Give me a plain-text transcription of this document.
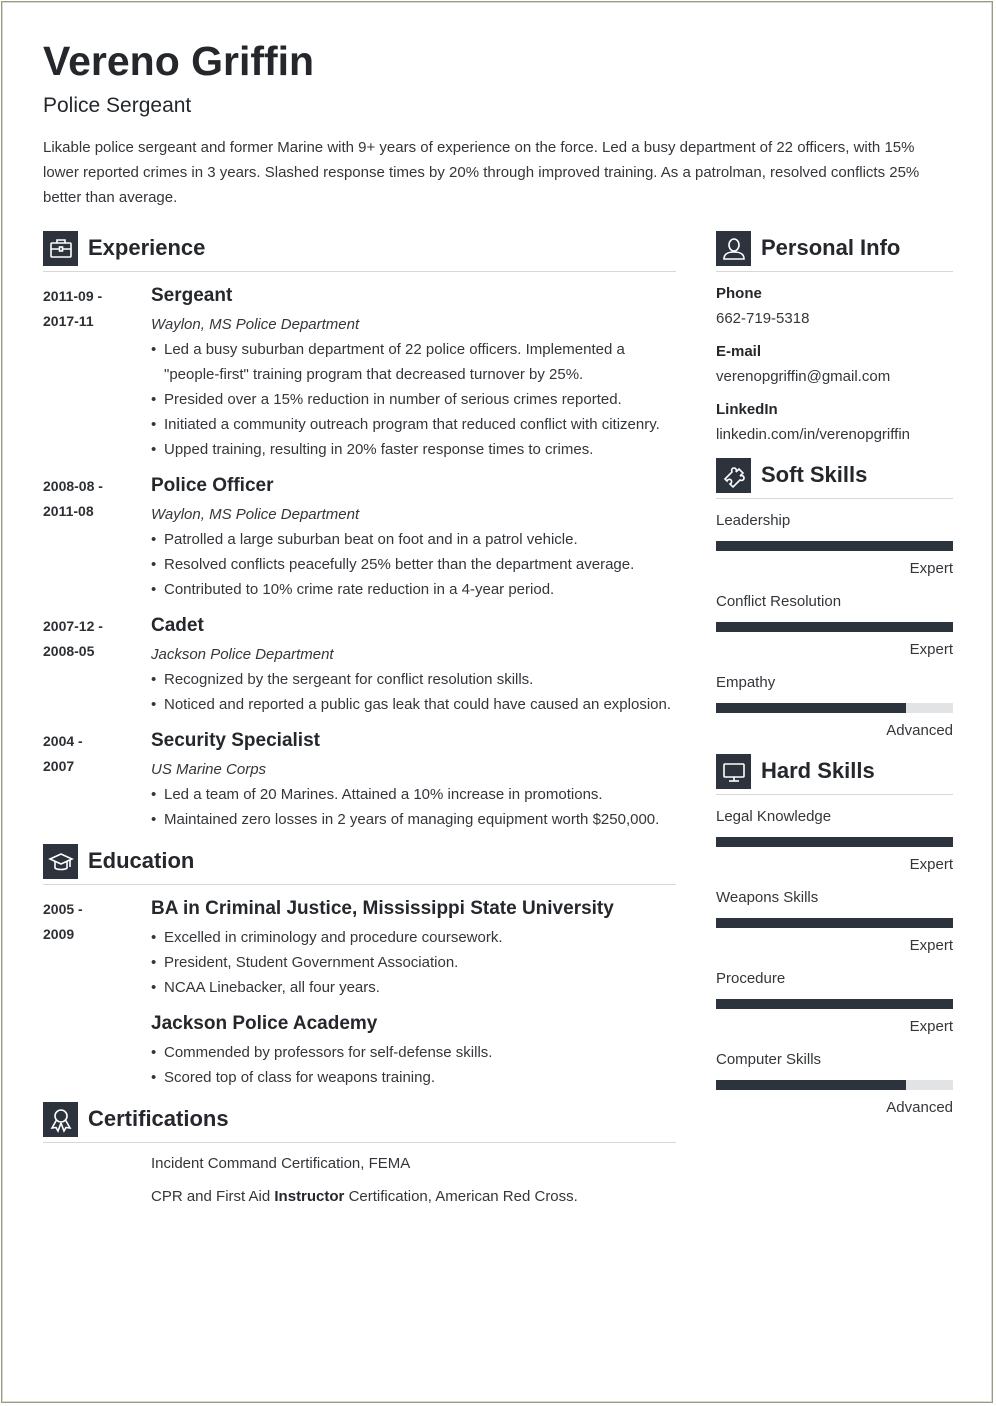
Vereno Griffin
Police Sergeant
Likable police sergeant and former Marine with 9+ years of experience on the force. Led a busy department of 22 officers, with 15% lower reported crimes in 3 years. Slashed response times by 20% through improved training. As a patrolman, resolved conflicts 25% better than average.
Experience
2011-09 -
2017-11
Sergeant
Waylon, MS Police Department
• Led a busy suburban department of 22 police officers. Implemented a "people-first" training program that decreased turnover by 25%.
• Presided over a 15% reduction in number of serious crimes reported.
• Initiated a community outreach program that reduced conflict with citizenry.
• Upped training, resulting in 20% faster response times to crimes.
2008-08 -
2011-08
Police Officer
Waylon, MS Police Department
• Patrolled a large suburban beat on foot and in a patrol vehicle.
• Resolved conflicts peacefully 25% better than the department average.
• Contributed to 10% crime rate reduction in a 4-year period.
2007-12 -
2008-05
Cadet
Jackson Police Department
• Recognized by the sergeant for conflict resolution skills.
• Noticed and reported a public gas leak that could have caused an explosion.
2004 -
2007
Security Specialist
US Marine Corps
• Led a team of 20 Marines. Attained a 10% increase in promotions.
• Maintained zero losses in 2 years of managing equipment worth $250,000.
Education
2005 -
2009
BA in Criminal Justice, Mississippi State University
• Excelled in criminology and procedure coursework.
• President, Student Government Association.
• NCAA Linebacker, all four years.
Jackson Police Academy
• Commended by professors for self-defense skills.
• Scored top of class for weapons training.
Certifications
Incident Command Certification, FEMA
CPR and First Aid Instructor Certification, American Red Cross.
Personal Info
Phone
662-719-5318
E-mail
verenopgriffin@gmail.com
LinkedIn
linkedin.com/in/verenopgriffin
Soft Skills
Leadership
Expert
Conflict Resolution
Expert
Empathy
Advanced
Hard Skills
Legal Knowledge
Expert
Weapons Skills
Expert
Procedure
Expert
Computer Skills
Advanced
